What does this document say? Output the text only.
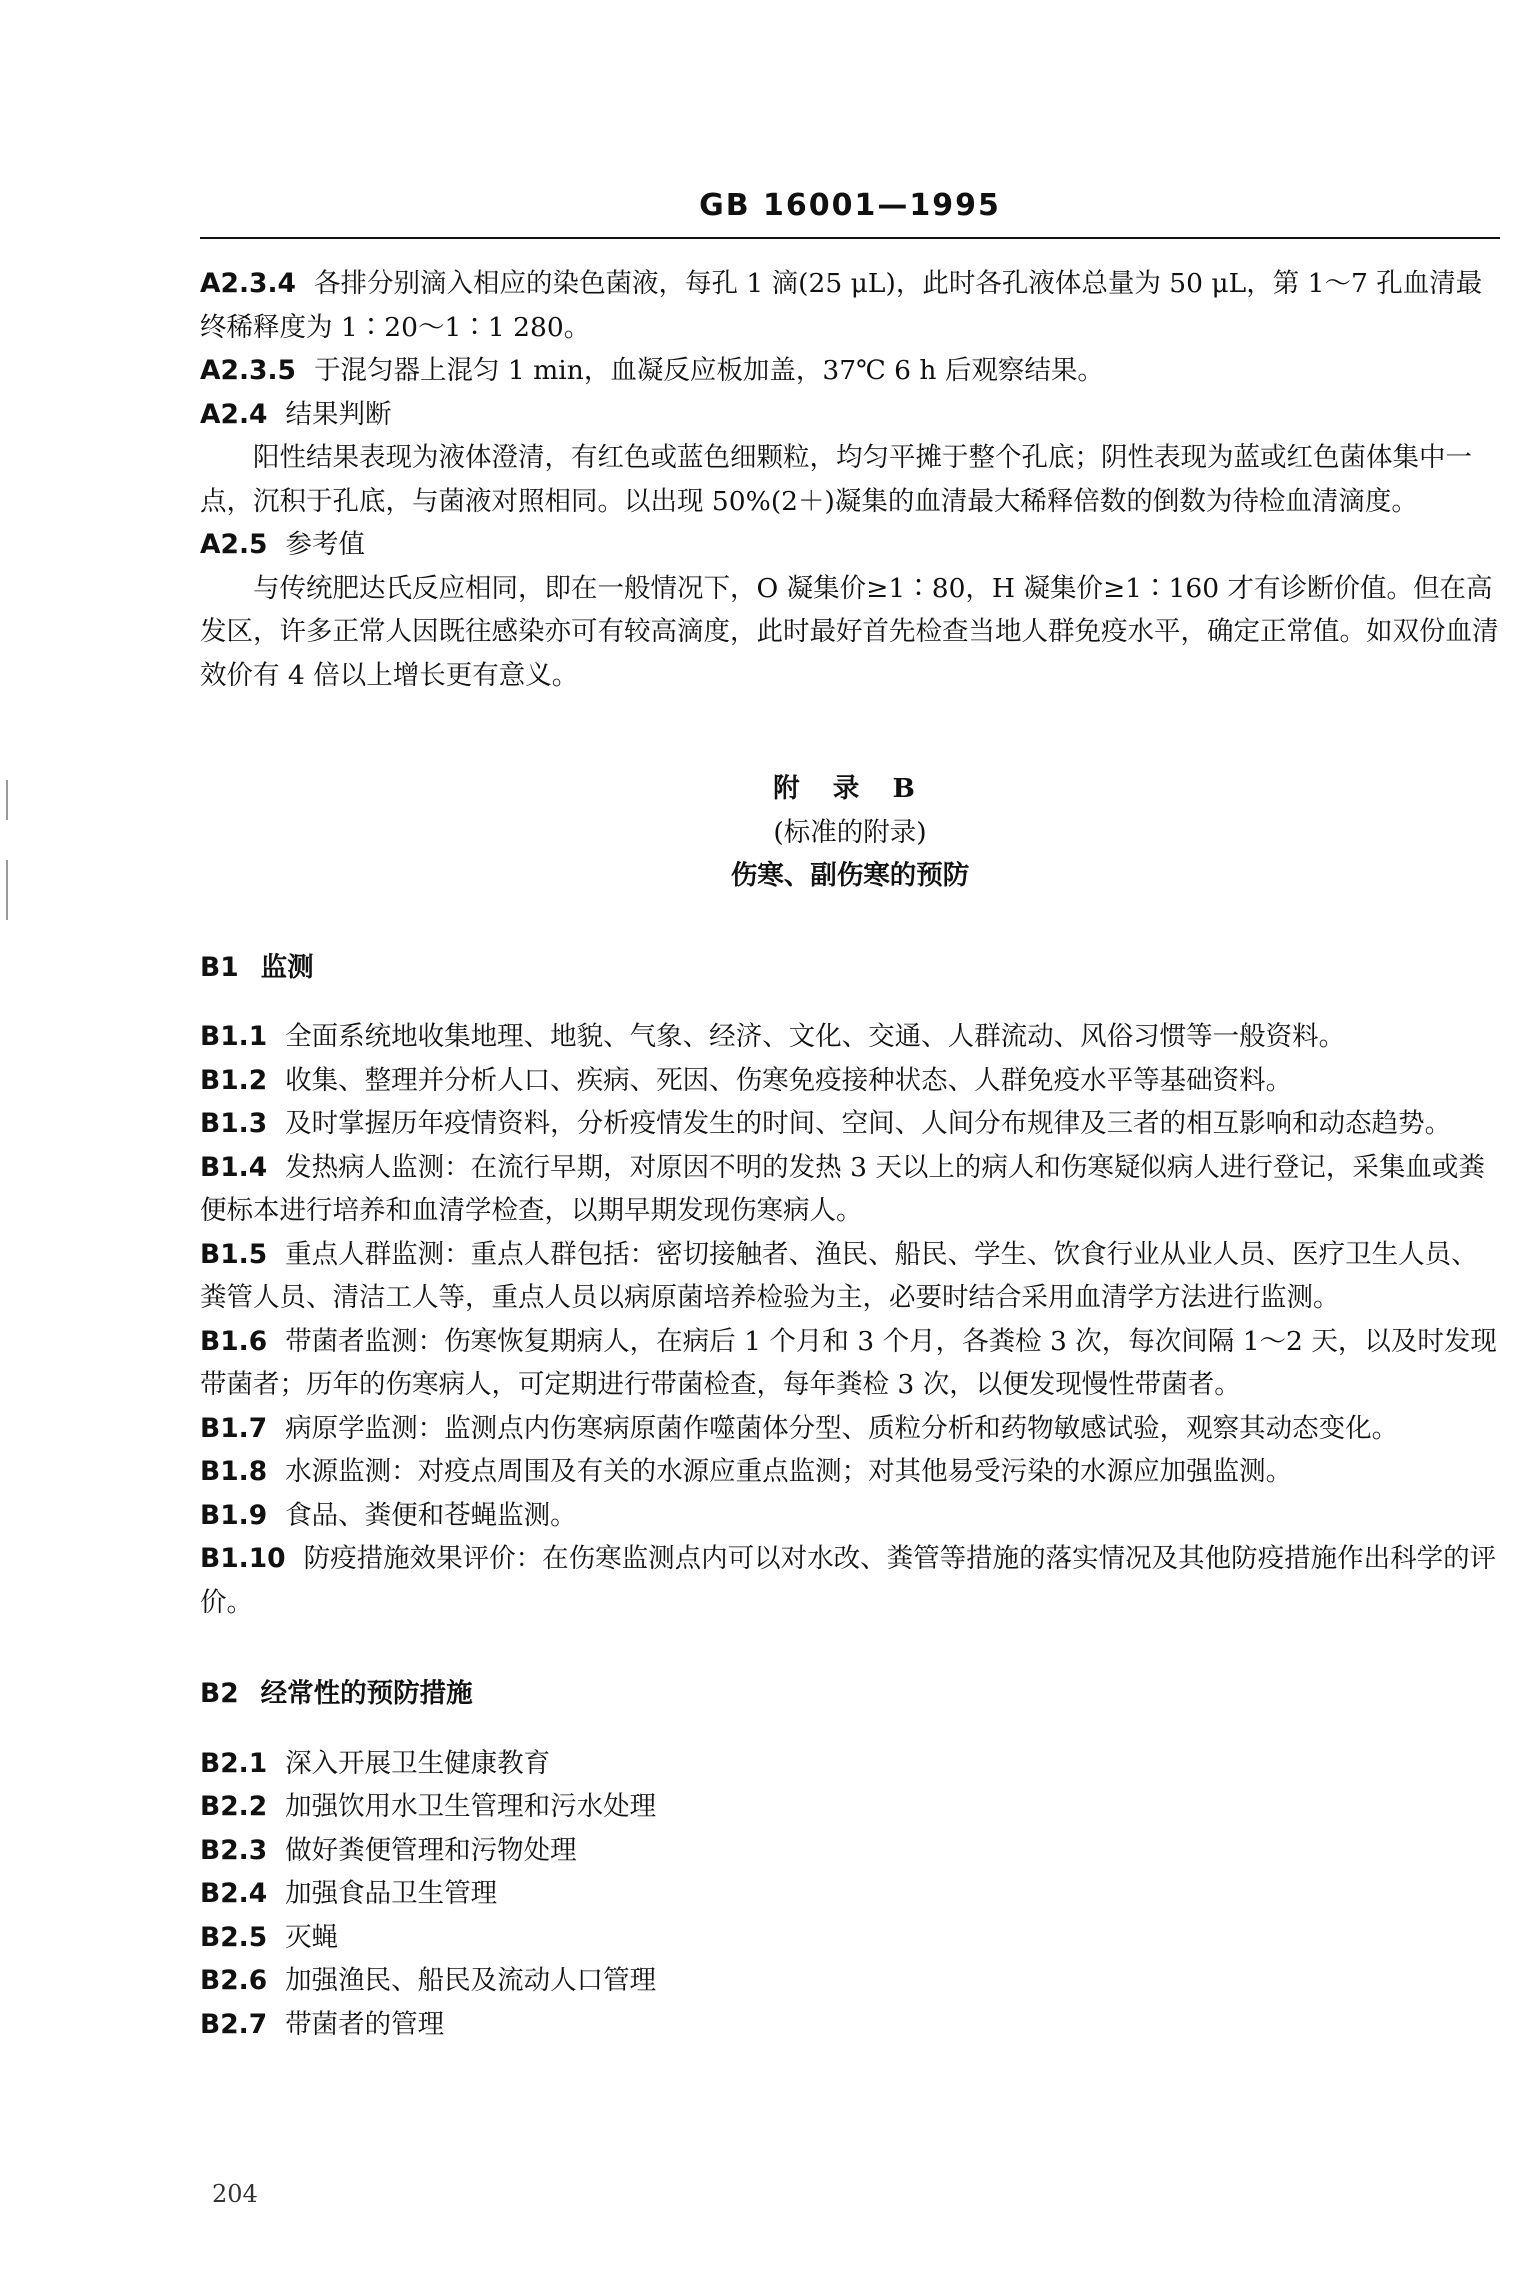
GB 16001—1995

A2.3.4 各排分别滴入相应的染色菌液，每孔 1 滴(25 μL)，此时各孔液体总量为 50 μL，第 1～7 孔血清最终稀释度为 1∶20～1∶1 280。

A2.3.5 于混匀器上混匀 1 min，血凝反应板加盖，37℃ 6 h 后观察结果。

A2.4 结果判断

阳性结果表现为液体澄清，有红色或蓝色细颗粒，均匀平摊于整个孔底；阴性表现为蓝或红色菌体集中一点，沉积于孔底，与菌液对照相同。以出现 50%(2＋)凝集的血清最大稀释倍数的倒数为待检血清滴度。

A2.5 参考值

与传统肥达氏反应相同，即在一般情况下，O 凝集价≥1∶80，H 凝集价≥1∶160 才有诊断价值。但在高发区，许多正常人因既往感染亦可有较高滴度，此时最好首先检查当地人群免疫水平，确定正常值。如双份血清效价有 4 倍以上增长更有意义。

附 录 B
(标准的附录)
伤寒、副伤寒的预防
B1 监测

B1.1 全面系统地收集地理、地貌、气象、经济、文化、交通、人群流动、风俗习惯等一般资料。

B1.2 收集、整理并分析人口、疾病、死因、伤寒免疫接种状态、人群免疫水平等基础资料。

B1.3 及时掌握历年疫情资料，分析疫情发生的时间、空间、人间分布规律及三者的相互影响和动态趋势。

B1.4 发热病人监测：在流行早期，对原因不明的发热 3 天以上的病人和伤寒疑似病人进行登记，采集血或粪便标本进行培养和血清学检查，以期早期发现伤寒病人。

B1.5 重点人群监测：重点人群包括：密切接触者、渔民、船民、学生、饮食行业从业人员、医疗卫生人员、粪管人员、清洁工人等，重点人员以病原菌培养检验为主，必要时结合采用血清学方法进行监测。

B1.6 带菌者监测：伤寒恢复期病人，在病后 1 个月和 3 个月，各粪检 3 次，每次间隔 1～2 天，以及时发现带菌者；历年的伤寒病人，可定期进行带菌检查，每年粪检 3 次，以便发现慢性带菌者。

B1.7 病原学监测：监测点内伤寒病原菌作噬菌体分型、质粒分析和药物敏感试验，观察其动态变化。

B1.8 水源监测：对疫点周围及有关的水源应重点监测；对其他易受污染的水源应加强监测。

B1.9 食品、粪便和苍蝇监测。

B1.10 防疫措施效果评价：在伤寒监测点内可以对水改、粪管等措施的落实情况及其他防疫措施作出科学的评价。

B2 经常性的预防措施

B2.1 深入开展卫生健康教育

B2.2 加强饮用水卫生管理和污水处理

B2.3 做好粪便管理和污物处理

B2.4 加强食品卫生管理

B2.5 灭蝇

B2.6 加强渔民、船民及流动人口管理

B2.7 带菌者的管理

204
